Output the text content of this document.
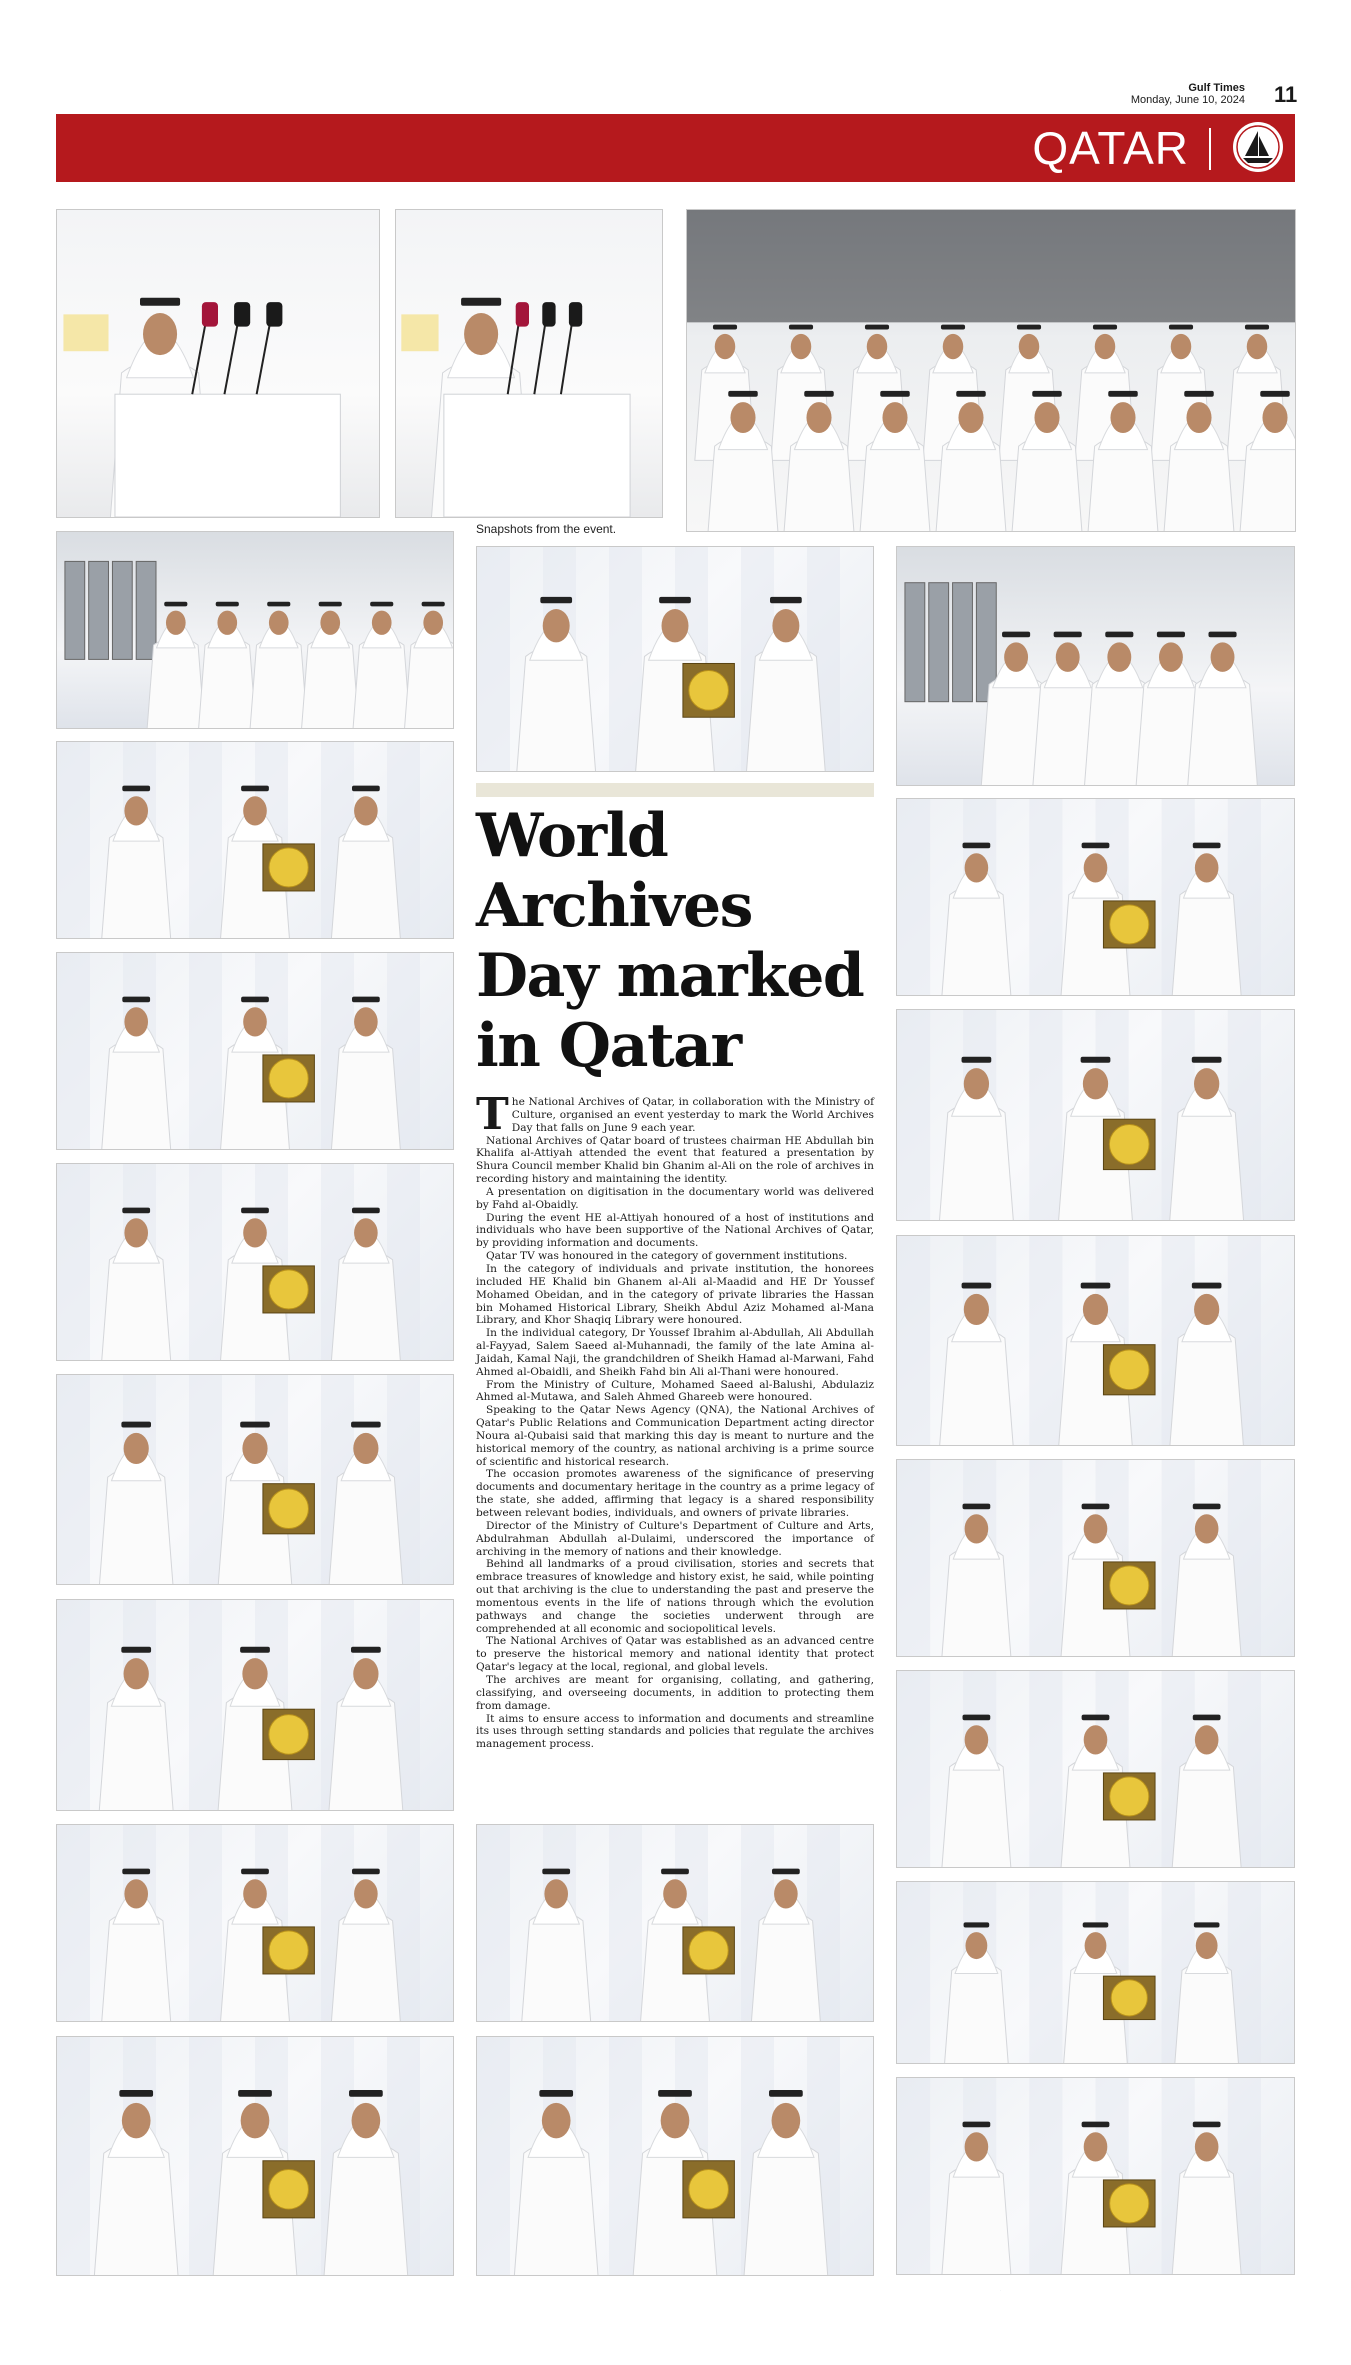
Gulf Times
Monday, June 10, 2024 11
QATAR
Snapshots from the event.
World Archives Day marked in Qatar

The National Archives of Qatar, in collaboration with the Ministry of Culture, organised an event yesterday to mark the World Archives Day that falls on June 9 each year.

National Archives of Qatar board of trustees chairman HE Abdullah bin Khalifa al-Attiyah attended the event that featured a presentation by Shura Council member Khalid bin Ghanim al-Ali on the role of archives in recording history and maintaining the identity.

A presentation on digitisation in the documentary world was delivered by Fahd al-Obaidly.

During the event HE al-Attiyah honoured of a host of institutions and individuals who have been supportive of the National Archives of Qatar, by providing information and documents.

Qatar TV was honoured in the category of government institutions.

In the category of individuals and private institution, the honorees included HE Khalid bin Ghanem al-Ali al-Maadid and HE Dr Youssef Mohamed Obeidan, and in the category of private libraries the Hassan bin Mohamed Historical Library, Sheikh Abdul Aziz Mohamed al-Mana Library, and Khor Shaqiq Library were honoured.

In the individual category, Dr Youssef Ibrahim al-Abdullah, Ali Abdullah al-Fayyad, Salem Saeed al-Muhannadi, the family of the late Amina al-Jaidah, Kamal Naji, the grandchildren of Sheikh Hamad al-Marwani, Fahd Ahmed al-Obaidli, and Sheikh Fahd bin Ali al-Thani were honoured.

From the Ministry of Culture, Mohamed Saeed al-Balushi, Abdulaziz Ahmed al-Mutawa, and Saleh Ahmed Ghareeb were honoured.

Speaking to the Qatar News Agency (QNA), the National Archives of Qatar's Public Relations and Communication Department acting director Noura al-Qubaisi said that marking this day is meant to nurture and the historical memory of the country, as national archiving is a prime source of scientific and historical research.

The occasion promotes awareness of the significance of preserving documents and documentary heritage in the country as a prime legacy of the state, she added, affirming that legacy is a shared responsibility between relevant bodies, individuals, and owners of private libraries.

Director of the Ministry of Culture's Department of Culture and Arts, Abdulrahman Abdullah al-Dulaimi, underscored the importance of archiving in the memory of nations and their knowledge.

Behind all landmarks of a proud civilisation, stories and secrets that embrace treasures of knowledge and history exist, he said, while pointing out that archiving is the clue to understanding the past and preserve the momentous events in the life of nations through which the evolution pathways and change the societies underwent through are comprehended at all economic and sociopolitical levels.

The National Archives of Qatar was established as an advanced centre to preserve the historical memory and national identity that protect Qatar's legacy at the local, regional, and global levels.

The archives are meant for organising, collating, and gathering, classifying, and overseeing documents, in addition to protecting them from damage.

It aims to ensure access to information and documents and streamline its uses through setting standards and policies that regulate the archives management process.
